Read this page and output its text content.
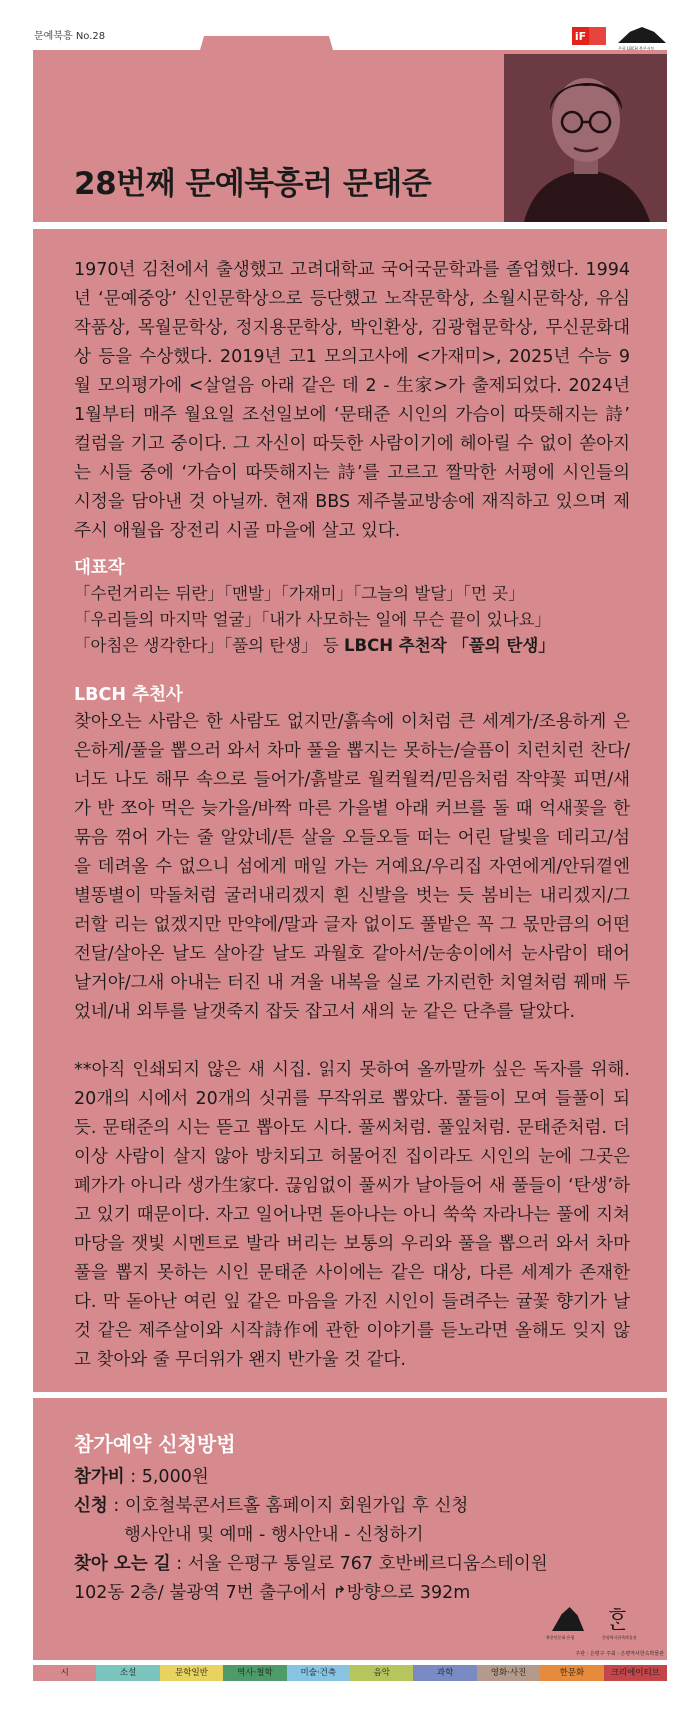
문예북흥 No.28	iF
은평 LBCH 북콘서트
28번째 문예북흥러 문태준

1970년 김천에서 출생했고 고려대학교 국어국문학과를 졸업했다. 1994년 ‘문예중앙’ 신인문학상으로 등단했고 노작문학상, 소월시문학상, 유심작품상, 목월문학상, 정지용문학상, 박인환상, 김광협문학상, 무신문화대상 등을 수상했다. 2019년 고1 모의고사에 <가재미>, 2025년 수능 9월 모의평가에 <살얼음 아래 같은 데 2 - 生家>가 출제되었다. 2024년 1월부터 매주 월요일 조선일보에 ‘문태준 시인의 가슴이 따뜻해지는 詩’ 컬럼을 기고 중이다. 그 자신이 따듯한 사람이기에 헤아릴 수 없이 쏟아지는 시들 중에 ‘가슴이 따뜻해지는 詩’를 고르고 짤막한 서평에 시인들의 시정을 담아낸 것 아닐까. 현재 BBS 제주불교방송에 재직하고 있으며 제주시 애월읍 장전리 시골 마을에 살고 있다.

대표작
「수런거리는 뒤란」「맨발」「가재미」「그늘의 발달」「먼 곳」
「우리들의 마지막 얼굴」「내가 사모하는 일에 무슨 끝이 있나요」
「아침은 생각한다」「풀의 탄생」 등 LBCH 추천작 「풀의 탄생」
LBCH 추천사

찾아오는 사람은 한 사람도 없지만/흙속에 이처럼 큰 세계가/조용하게 은은하게/풀을 뽑으러 와서 차마 풀을 뽑지는 못하는/슬픔이 치런치런 찬다/너도 나도 해무 속으로 들어가/흙발로 월컥월컥/믿음처럼 작약꽃 피면/새가 반 쪼아 먹은 늦가을/바짝 마른 가을볕 아래 커브를 돌 때 억새꽃을 한 묶음 꺾어 가는 줄 알았네/튼 살을 오들오들 떠는 어린 달빛을 데리고/섬을 데려올 수 없으니 섬에게 매일 가는 거예요/우리집 자연에게/안뒤꼍엔 별똥별이 막돌처럼 굴러내리겠지 흰 신발을 벗는 듯 봄비는 내리겠지/그러할 리는 없겠지만 만약에/말과 글자 없이도 풀밭은 꼭 그 몫만큼의 어떤 전달/살아온 날도 살아갈 날도 과월호 같아서/눈송이에서 눈사람이 태어날거야/그새 아내는 터진 내 겨울 내복을 실로 가지런한 치열처럼 꿰매 두었네/내 외투를 날갯죽지 잡듯 잡고서 새의 눈 같은 단추를 달았다.

**아직 인쇄되지 않은 새 시집. 읽지 못하여 올까말까 싶은 독자를 위해. 20개의 시에서 20개의 싯귀를 무작위로 뽑았다. 풀들이 모여 들풀이 되듯. 문태준의 시는 뜯고 뽑아도 시다. 풀씨처럼. 풀잎처럼. 문태준처럼. 더 이상 사람이 살지 않아 방치되고 허물어진 집이라도 시인의 눈에 그곳은 폐가가 아니라 생가生家다. 끊임없이 풀씨가 날아들어 새 풀들이 ‘탄생’하고 있기 때문이다. 자고 일어나면 돋아나는 아니 쑥쑥 자라나는 풀에 지쳐 마당을 잿빛 시멘트로 발라 버리는 보통의 우리와 풀을 뽑으러 와서 차마 풀을 뽑지 못하는 시인 문태준 사이에는 같은 대상, 다른 세계가 존재한다. 막 돋아난 여린 잎 같은 마음을 가진 시인이 들려주는 귤꽃 향기가 날 것 같은 제주살이와 시작詩作에 관한 이야기를 듣노라면 올해도 잊지 않고 찾아와 줄 무더위가 왠지 반가울 것 같다.

참가예약 신청방법
참가비 : 5,000원
신청 : 이호철북콘서트홀 홈페이지 회원가입 후 신청
행사안내 및 예매 - 행사안내 - 신청하기
찾아 오는 길 : 서울 은평구 통일로 767 호반베르디움스테이원
102동 2층/ 불광역 7번 출구에서 ↱방향으로 392m
북한인문화 은평
ᄒᆞᆫ
은평역사한옥박물관
주관 : 은평구 주최 : 은평역사한옥박물관
시	소설	문학일반	역사·철학	미술·건축	음악	과학	영화·사진	한문화	크리에이티브
